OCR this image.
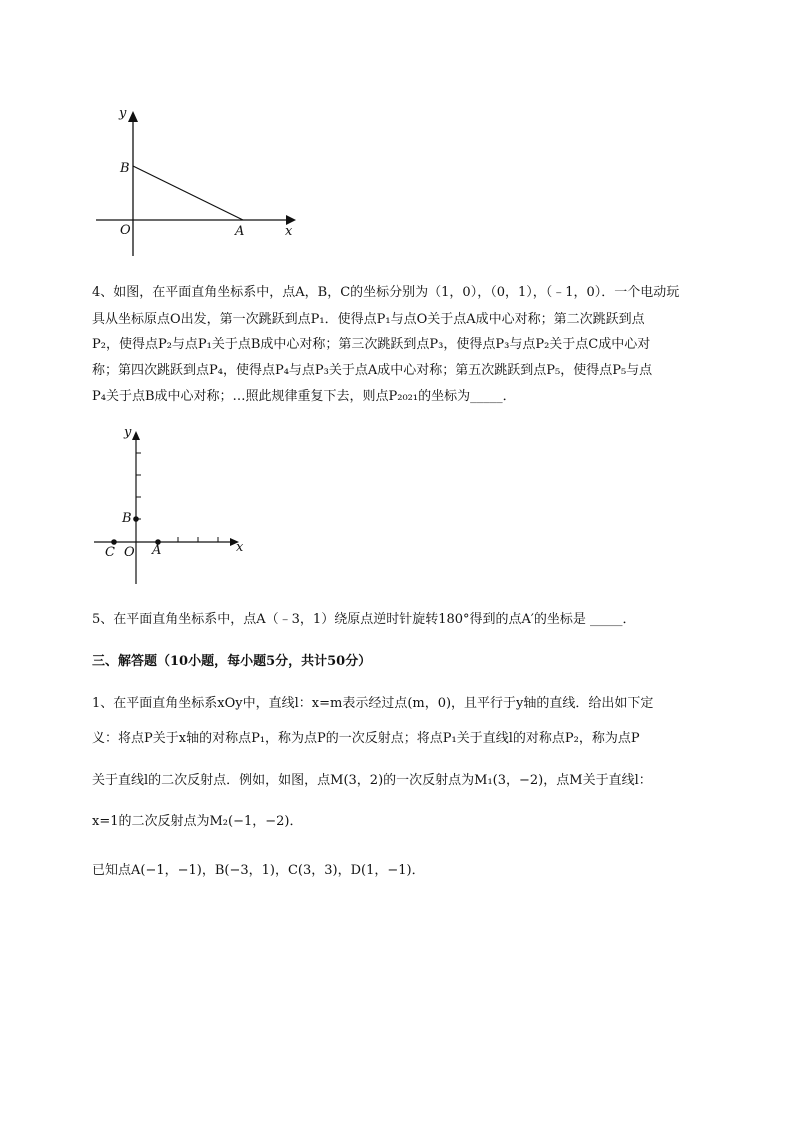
y
x
O	A
B
4、如图，在平面直角坐标系中，点A，B，C的坐标分别为（1，0），（0，1），（﹣1，0）．一个电动玩
具从坐标原点O出发，第一次跳跃到点P₁．使得点P₁与点O关于点A成中心对称；第二次跳跃到点
P₂，使得点P₂与点P₁关于点B成中心对称；第三次跳跃到点P₃，使得点P₃与点P₂关于点C成中心对
称；第四次跳跃到点P₄，使得点P₄与点P₃关于点A成中心对称；第五次跳跃到点P₅，使得点P₅与点
P₄关于点B成中心对称；…照此规律重复下去，则点P₂₀₂₁的坐标为_____．
y
x
O A
B
C
5、在平面直角坐标系中，点A（﹣3，1）绕原点逆时针旋转180°得到的点A′的坐标是 _____．
三、解答题（10小题，每小题5分，共计50分）
1、在平面直角坐标系xOy中，直线l：x=m表示经过点(m，0)，且平行于y轴的直线．给出如下定
义：将点P关于x轴的对称点P₁，称为点P的一次反射点；将点P₁关于直线l的对称点P₂，称为点P
关于直线l的二次反射点．例如，如图，点M(3，2)的一次反射点为M₁(3，−2)，点M关于直线l：
x=1的二次反射点为M₂(−1，−2)．
已知点A(−1，−1)，B(−3，1)，C(3，3)，D(1，−1)．
